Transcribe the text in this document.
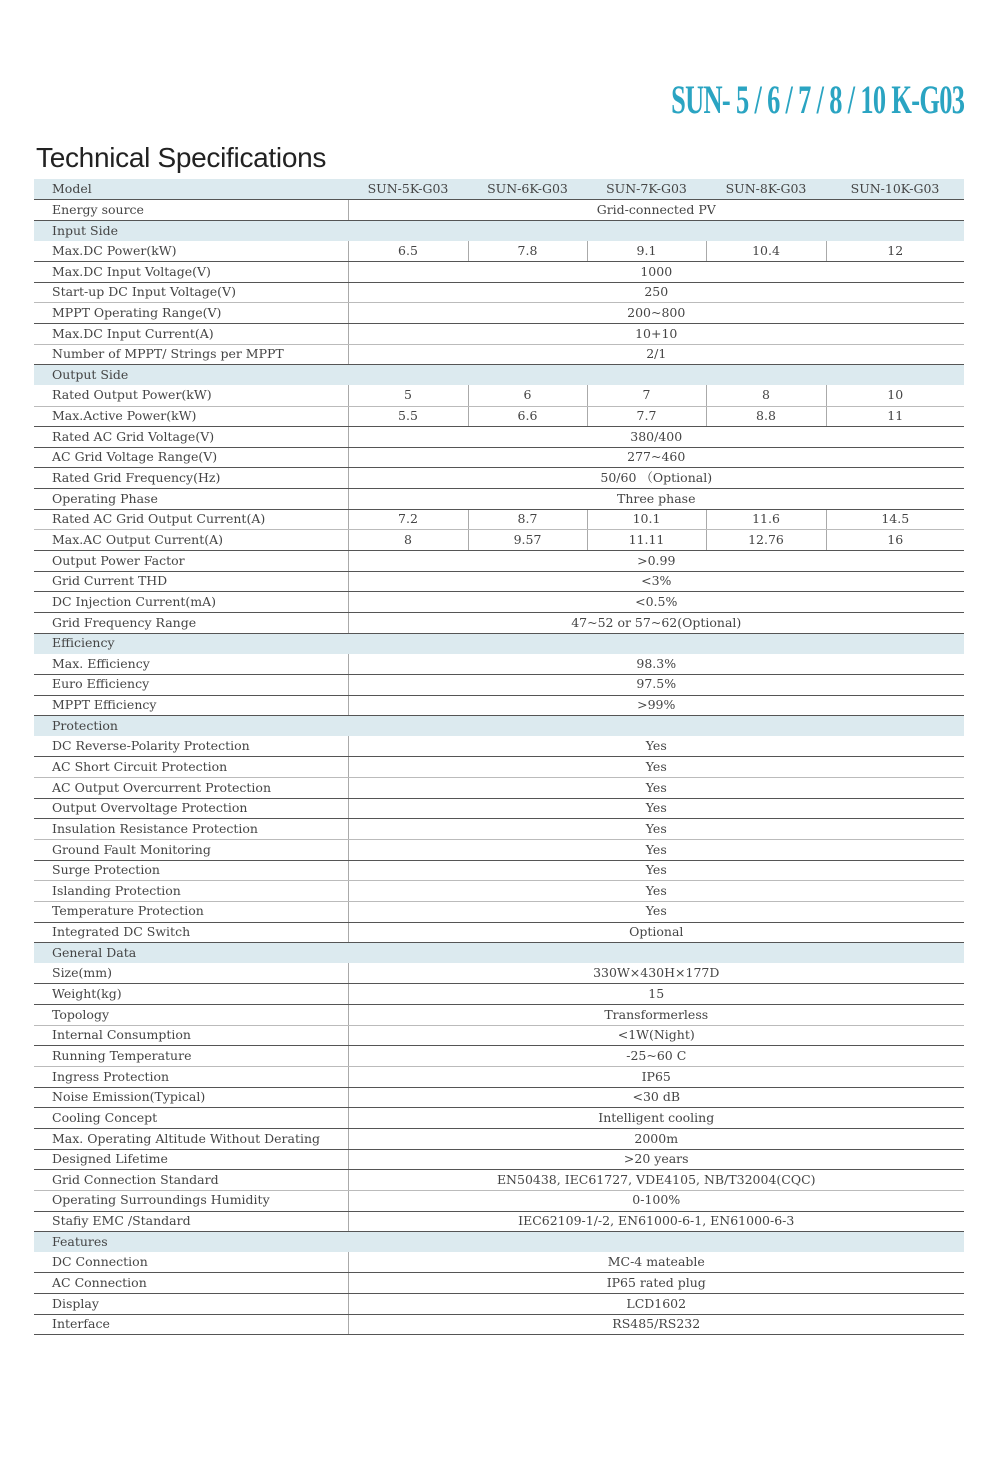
SUN- 5 / 6 / 7 / 8 / 10 K-G03
Technical Specifications
Model	SUN-5K-G03	SUN-6K-G03	SUN-7K-G03	SUN-8K-G03	SUN-10K-G03
Energy source	Grid-connected PV				
Input Side					
Max.DC Power(kW)	6.5	7.8	9.1	10.4	12
Max.DC Input Voltage(V)	1000				
Start-up DC Input Voltage(V)	250				
MPPT Operating Range(V)	200~800				
Max.DC Input Current(A)	10+10				
Number of MPPT/ Strings per MPPT	2/1				
Output Side					
Rated Output Power(kW)	5	6	7	8	10
Max.Active Power(kW)	5.5	6.6	7.7	8.8	11
Rated AC Grid Voltage(V)	380/400				
AC Grid Voltage Range(V)	277~460				
Rated Grid Frequency(Hz)	50/60 （Optional)				
Operating Phase	Three phase				
Rated AC Grid Output Current(A)	7.2	8.7	10.1	11.6	14.5
Max.AC Output Current(A)	8	9.57	11.11	12.76	16
Output Power Factor	>0.99				
Grid Current THD	<3%				
DC Injection Current(mA)	<0.5%				
Grid Frequency Range	47~52 or 57~62(Optional)				
Efficiency					
Max. Efficiency	98.3%				
Euro Efficiency	97.5%				
MPPT Efficiency	>99%				
Protection					
DC Reverse-Polarity Protection	Yes				
AC Short Circuit Protection	Yes				
AC Output Overcurrent Protection	Yes				
Output Overvoltage Protection	Yes				
Insulation Resistance Protection	Yes				
Ground Fault Monitoring	Yes				
Surge Protection	Yes				
Islanding Protection	Yes				
Temperature Protection	Yes				
Integrated DC Switch	Optional				
General Data					
Size(mm)	330W×430H×177D				
Weight(kg)	15				
Topology	Transformerless				
Internal Consumption	<1W(Night)				
Running Temperature	-25~60 C				
Ingress Protection	IP65				
Noise Emission(Typical)	<30 dB				
Cooling Concept	Intelligent cooling				
Max. Operating Altitude Without Derating	2000m				
Designed Lifetime	>20 years				
Grid Connection Standard	EN50438, IEC61727, VDE4105, NB/T32004(CQC)				
Operating Surroundings Humidity	0-100%				
Stafiy EMC /Standard	IEC62109-1/-2, EN61000-6-1, EN61000-6-3				
Features					
DC Connection	MC-4 mateable				
AC Connection	IP65 rated plug				
Display	LCD1602				
Interface	RS485/RS232				
